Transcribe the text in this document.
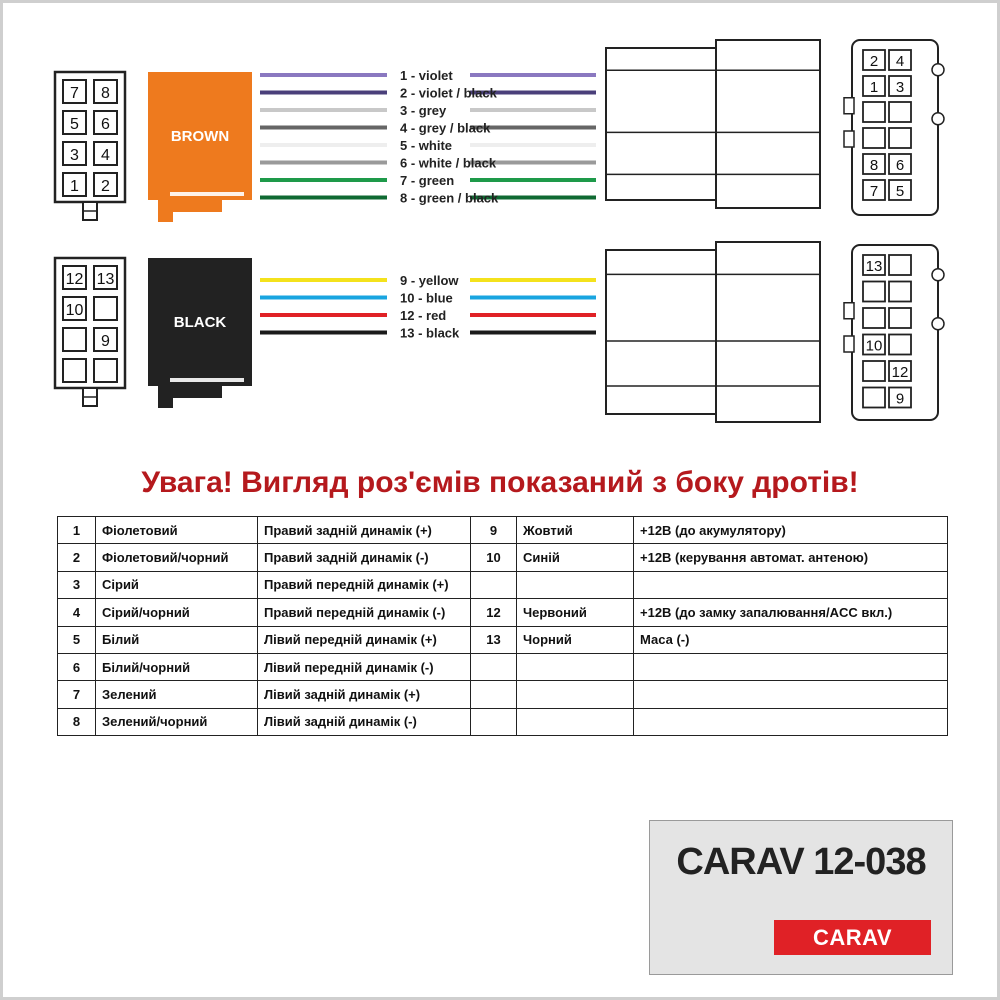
7 8
5 6
3 4
1 2
BROWN
1 - violet
2 - violet / black
3 - grey
4 - grey / black
5 - white
6 - white / black
7 - green
8 - green / black
2 4
1 3
8 6
7 5
12 13
10
9
BLACK
9 - yellow
10 - blue
12 - red
13 - black
13
10
12
9
Увага! Вигляд роз'ємів показаний з боку дротів!
1	Фіолетовий	Правий задній динамік (+)	9	Жовтий	+12В (до акумулятору)
2	Фіолетовий/чорний	Правий задній динамік (-)	10	Синій	+12В (керування автомат. антеною)
3	Сірий	Правий передній динамік (+)			
4	Сірий/чорний	Правий передній динамік (-)	12	Червоний	+12В (до замку запалювання/ACC вкл.)
5	Білий	Лівий передній динамік (+)	13	Чорний	Маса (-)
6	Білий/чорний	Лівий передній динамік (-)			
7	Зелений	Лівий задній динамік (+)			
8	Зелений/чорний	Лівий задній динамік (-)			
CARAV 12-038
CARAV
